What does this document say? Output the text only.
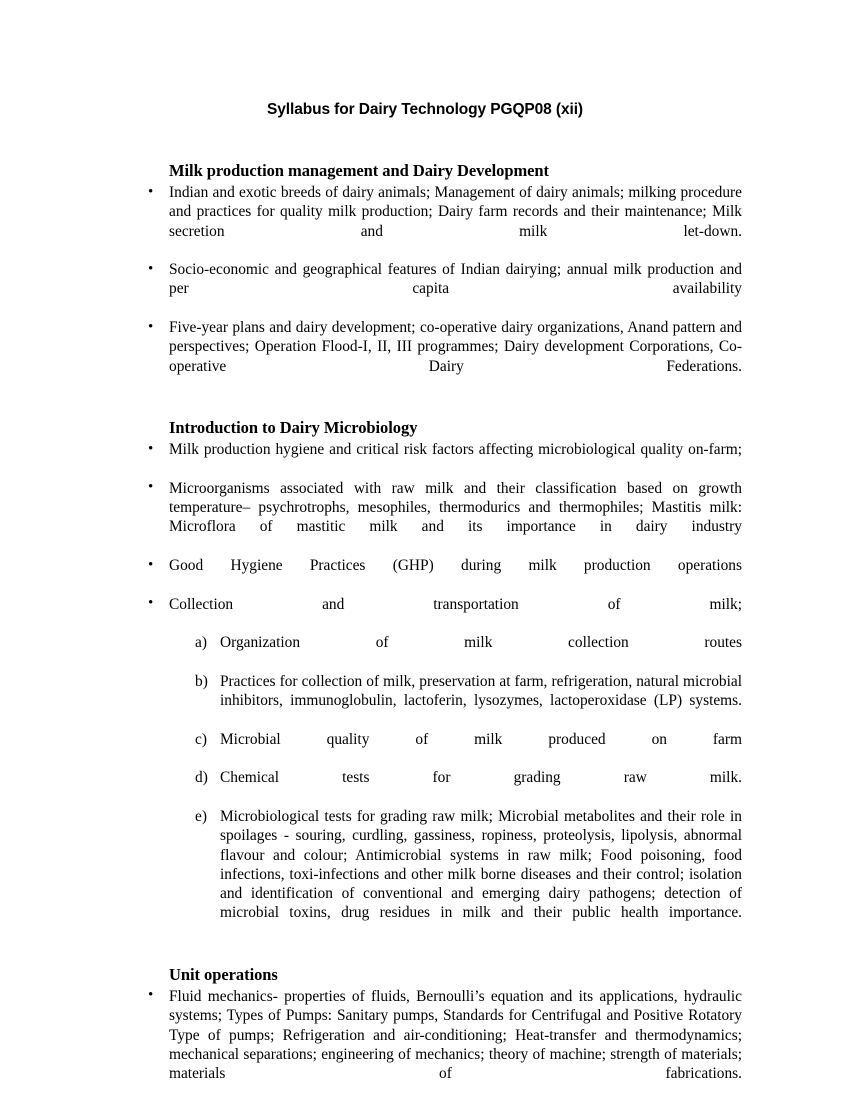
Syllabus for Dairy Technology PGQP08 (xii)
Milk production management and Dairy Development
• Indian and exotic breeds of dairy animals; Management of dairy animals; milking procedure and practices for quality milk production; Dairy farm records and their maintenance; Milk secretion and milk let-down.
• Socio-economic and geographical features of Indian dairying; annual milk production and per capita availability
• Five-year plans and dairy development; co-operative dairy organizations, Anand pattern and perspectives; Operation Flood-I, II, III programmes; Dairy development Corporations, Co-operative Dairy Federations.
Introduction to Dairy Microbiology
• Milk production hygiene and critical risk factors affecting microbiological quality on-farm;
• Microorganisms associated with raw milk and their classification based on growth temperature– psychrotrophs, mesophiles, thermodurics and thermophiles; Mastitis milk: Microflora of mastitic milk and its importance in dairy industry
• Good Hygiene Practices (GHP) during milk production operations
• Collection and transportation of milk;
a) Organization of milk collection routes
b) Practices for collection of milk, preservation at farm, refrigeration, natural microbial inhibitors, immunoglobulin, lactoferin, lysozymes, lactoperoxidase (LP) systems.
c) Microbial quality of milk produced on farm
d) Chemical tests for grading raw milk.
e) Microbiological tests for grading raw milk; Microbial metabolites and their role in spoilages - souring, curdling, gassiness, ropiness, proteolysis, lipolysis, abnormal flavour and colour; Antimicrobial systems in raw milk; Food poisoning, food infections, toxi-infections and other milk borne diseases and their control; isolation and identification of conventional and emerging dairy pathogens; detection of microbial toxins, drug residues in milk and their public health importance.
Unit operations
• Fluid mechanics- properties of fluids, Bernoulli’s equation and its applications, hydraulic systems; Types of Pumps: Sanitary pumps, Standards for Centrifugal and Positive Rotatory Type of pumps; Refrigeration and air-conditioning; Heat-transfer and thermodynamics; mechanical separations; engineering of mechanics; theory of machine; strength of materials; materials of fabrications.
